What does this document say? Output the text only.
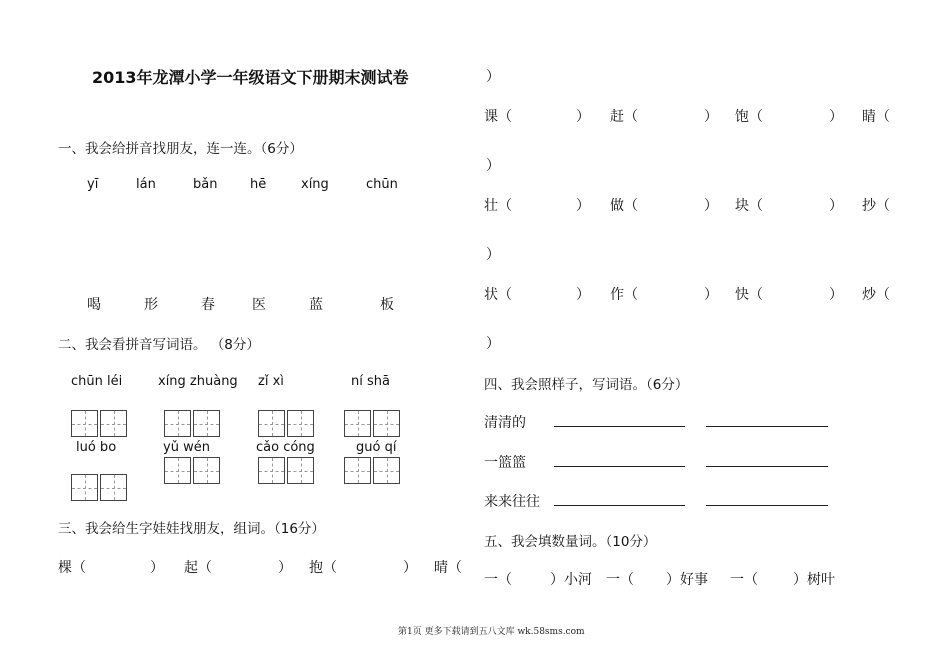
2013年龙潭小学一年级语文下册期末测试卷
一、我会给拼音找朋友，连一连。（6分）
yī	lán	bǎn	hē	xíng	chūn
喝	形	春	医	蓝	板
二、我会看拼音写词语。 （8分）
chūn léi	xíng zhuàng zǐ xì	ní shā
luó bo	yǔ wén	cǎo cóng	guó qí
三、我会给生字娃娃找朋友，组词。（16分）
棵（	） 起（	） 抱（	） 晴（
）
课（	） 赶（	） 饱（	） 睛（
）
壮（	） 做（	） 块（	） 抄（
）
状（	） 作（	） 快（	） 炒（
）
四、我会照样子，写词语。（6分）
清清的
一篮篮
来来往往
五、我会填数量词。（10分）
一（	）小河 一（ ）好事 一（	）树叶
第1页 更多下载请到五八文库 wk.58sms.com
